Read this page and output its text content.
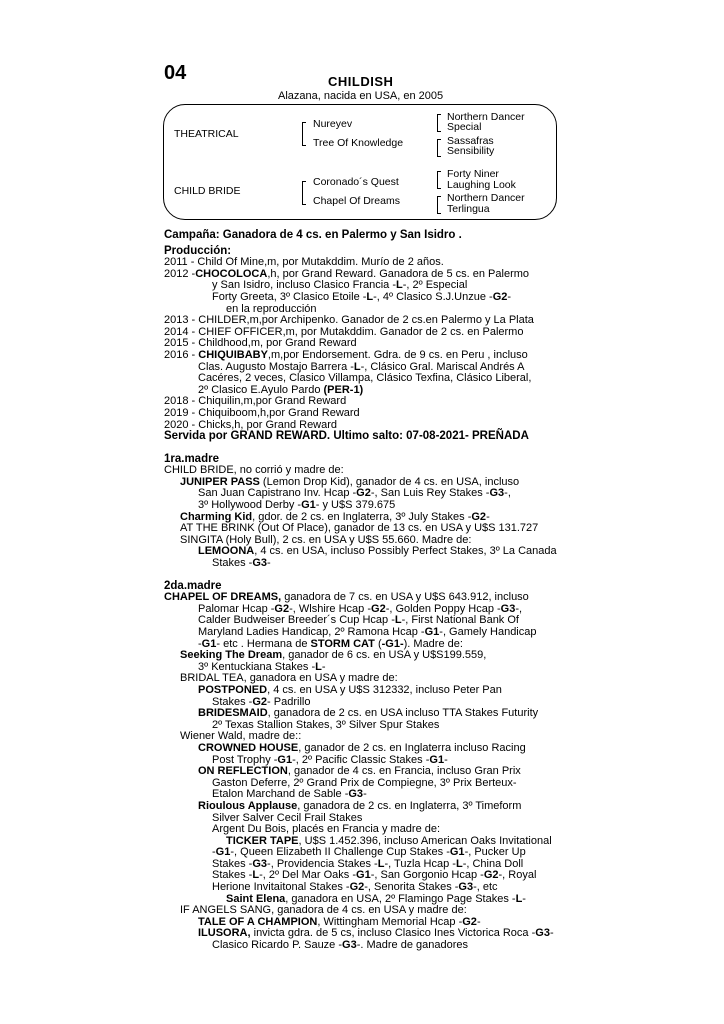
04	CHILDISH
Alazana, nacida en USA, en 2005
THEATRICAL
CHILD BRIDE
Nureyev
Tree Of Knowledge
Coronado´s Quest
Chapel Of Dreams
Northern Dancer
Special
Sassafras
Sensibility
Forty Niner
Laughing Look
Northern Dancer
Terlingua
Campaña: Ganadora de 4 cs. en Palermo y San Isidro .
Producción:
2011 - Child Of Mine,m, por Mutakddim. Murío de 2 años.
2012 -CHOCOLOCA,h, por Grand Reward. Ganadora de 5 cs. en Palermo
y San Isidro, incluso Clasico Francia -L-, 2º Especial
Forty Greeta, 3º Clasico Etoile -L-, 4º Clasico S.J.Unzue -G2-
en la reproducción
2013 - CHILDER,m,por Archipenko. Ganador de 2 cs.en Palermo y La Plata
2014 - CHIEF OFFICER,m, por Mutakddim. Ganador de 2 cs. en Palermo
2015 - Childhood,m, por Grand Reward
2016 - CHIQUIBABY,m,por Endorsement. Gdra. de 9 cs. en Peru , inclusо
Clas. Augusto Mostajo Barrera -L-, Clásico Gral. Mariscal Andrés A
Cacéres, 2 veces, Clasico Villampa, Clásico Texfina, Clásico Liberal,
2º Clasico E.Ayulo Pardo (PER-1)
2018 - Chiquilin,m,por Grand Reward
2019 - Chiquiboom,h,por Grand Reward
2020 - Chicks,h, por Grand Reward
Servida por GRAND REWARD. Ultimo salto: 07-08-2021- PREÑADA
1ra.madre
CHILD BRIDE, no corrió y madre de:
JUNIPER PASS (Lemon Drop Kid), ganador de 4 cs. en USA, incluso
San Juan Capistrano Inv. Hcap -G2-, San Luis Rey Stakes -G3-,
3º Hollywood Derby -G1- y U$S 379.675
Charming Kid, gdor. de 2 cs. en Inglaterra, 3º July Stakes -G2-
AT THE BRINK (Out Of Place), ganador de 13 cs. en USA y U$S 131.727
SINGITA (Holy Bull), 2 cs. en USA y U$S 55.660. Madre de:
LEMOONA, 4 cs. en USA, incluso Possibly Perfect Stakes, 3º La Canada
Stakes -G3-
2da.madre
CHAPEL OF DREAMS, ganadora de 7 cs. en USA y U$S 643.912, incluso
Palomar Hcap -G2-, Wlshire Hcap -G2-, Golden Poppy Hcap -G3-,
Calder Budweiser Breeder´s Cup Hcap -L-, First National Bank Of
Maryland Ladies Handicap, 2º Ramona Hcap -G1-, Gamely Handicap
-G1- etc . Hermana de STORM CAT (-G1-). Madre de:
Seeking The Dream, ganador de 6 cs. en USA y U$S199.559,
3º Kentuckiana Stakes -L-
BRIDAL TEA, ganadora en USA y madre de:
POSTPONED, 4 cs. en USA y U$S 312332, incluso Peter Pan
Stakes -G2- Padrillo
BRIDESMAID, ganadora de 2 cs. en USA incluso TTA Stakes Futurity
2º Texas Stallion Stakes, 3º Silver Spur Stakes
Wiener Wald, madre de::
CROWNED HOUSE, ganador de 2 cs. en Inglaterra incluso Racing
Post Trophy -G1-, 2º Pacific Classic Stakes -G1-
ON REFLECTION, ganador de 4 cs. en Francia, incluso Gran Prix
Gaston Deferre, 2º Grand Prix de Compiegne, 3º Prix Berteux-
Etalon Marchand de Sable -G3-
Rioulous Applause, ganadora de 2 cs. en Inglaterra, 3º Timeform
Silver Salver Cecil Frail Stakes
Argent Du Bois, placés en Francia y madre de:
TICKER TAPE, U$S 1.452.396, incluso American Oaks Invitational
-G1-, Queen Elizabeth II Challenge Cup Stakes -G1-, Pucker Up
Stakes -G3-, Providencia Stakes -L-, Tuzla Hcap -L-, China Doll
Stakes -L-, 2º Del Mar Oaks -G1-, San Gorgonio Hcap -G2-, Royal
Herione Invitaitonal Stakes -G2-, Senorita Stakes -G3-, etc
Saint Elena, ganadora en USA, 2º Flamingo Page Stakes -L-
IF ANGELS SANG, ganadora de 4 cs. en USA y madre de:
TALE OF A CHAMPION, Wittingham Memorial Hcap -G2-
ILUSORA, invicta gdra. de 5 cs, incluso Clasico Ines Victorica Roca -G3-
Clasico Ricardo P. Sauze -G3-. Madre de ganadores
